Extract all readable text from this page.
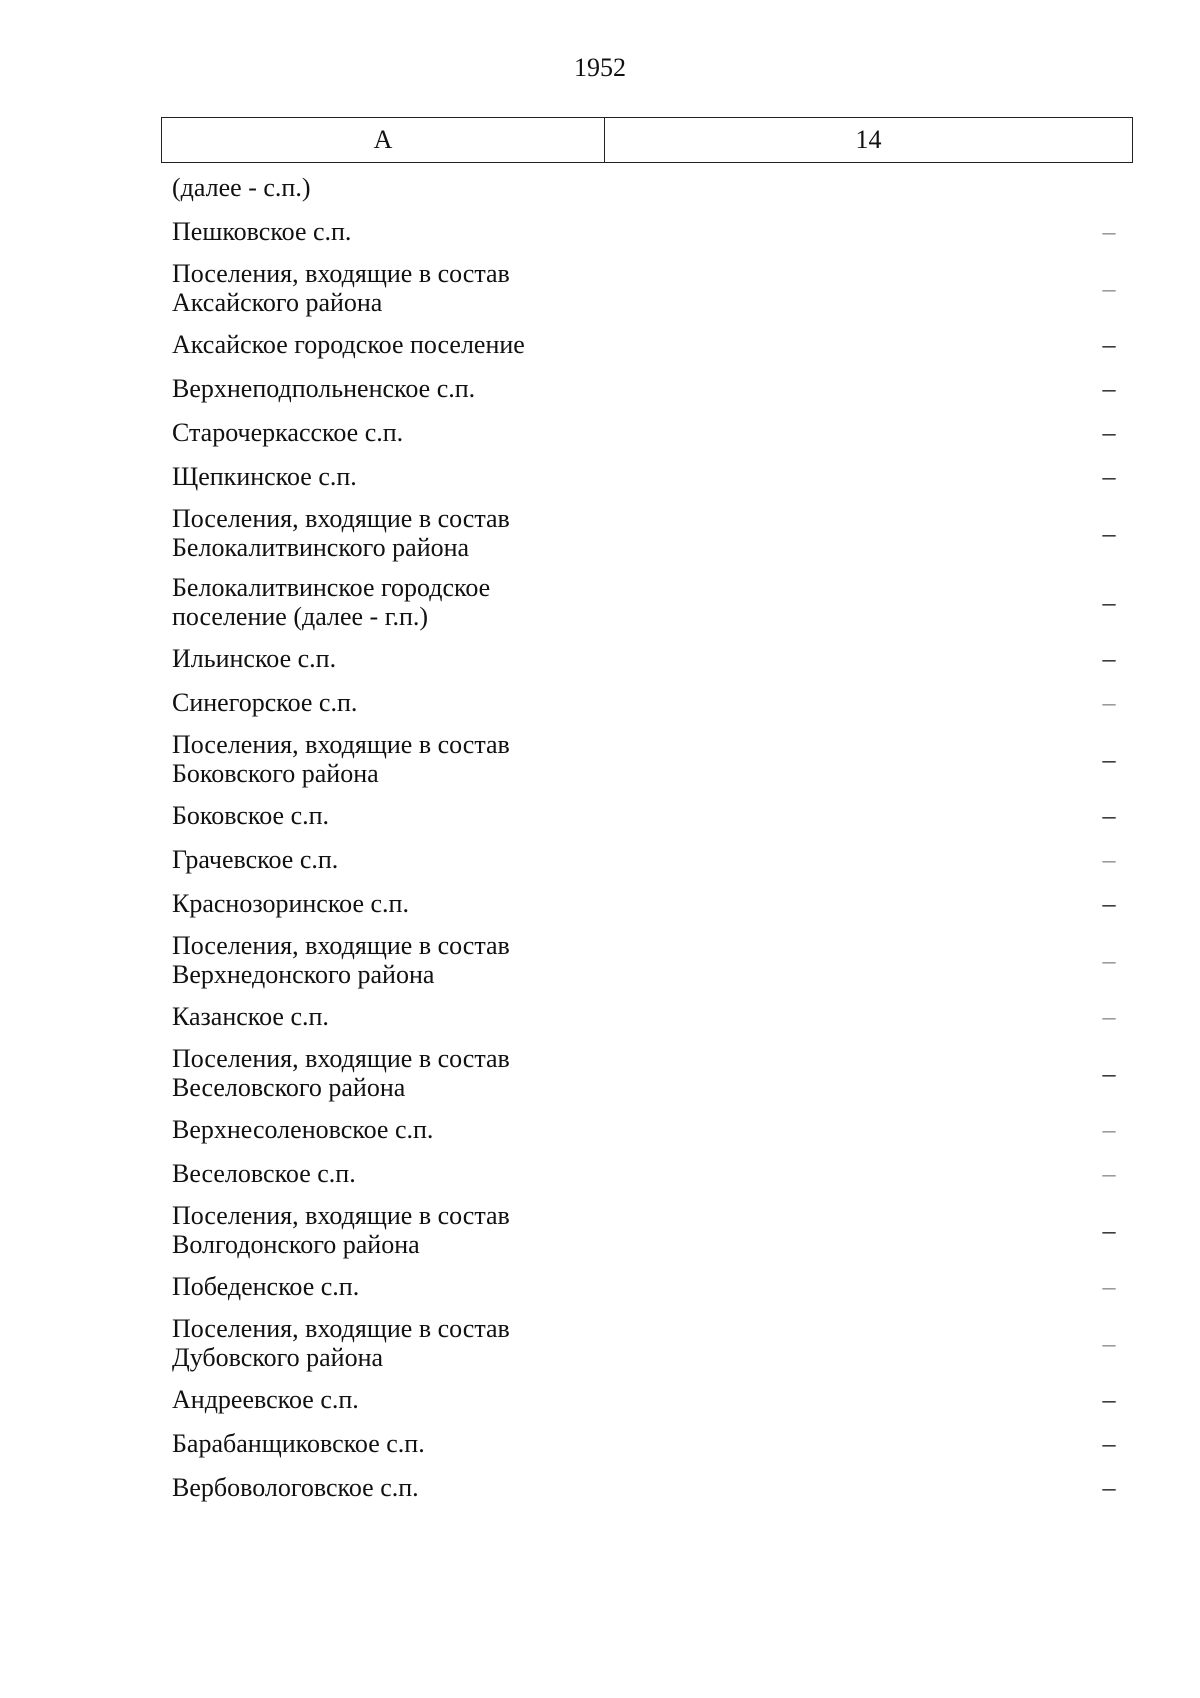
1952
А	14
(далее - с.п.)
Пешковское с.п.	–
Поселения, входящие в состав
Аксайского района	–
Аксайское городское поселение	–
Верхнеподпольненское с.п.	–
Старочеркасское с.п.	–
Щепкинское с.п.	–
Поселения, входящие в состав
Белокалитвинского района	–
Белокалитвинское городское
поселение (далее - г.п.)	–
Ильинское с.п.	–
Синегорское с.п.	–
Поселения, входящие в состав
Боковского района	–
Боковское с.п.	–
Грачевское с.п.	–
Краснозоринское с.п.	–
Поселения, входящие в состав
Верхнедонского района	–
Казанское с.п.	–
Поселения, входящие в состав
Веселовского района	–
Верхнесоленовское с.п.	–
Веселовское с.п.	–
Поселения, входящие в состав
Волгодонского района	–
Победенское с.п.	–
Поселения, входящие в состав
Дубовского района	–
Андреевское с.п.	–
Барабанщиковское с.п.	–
Вербовологовское с.п.	–
